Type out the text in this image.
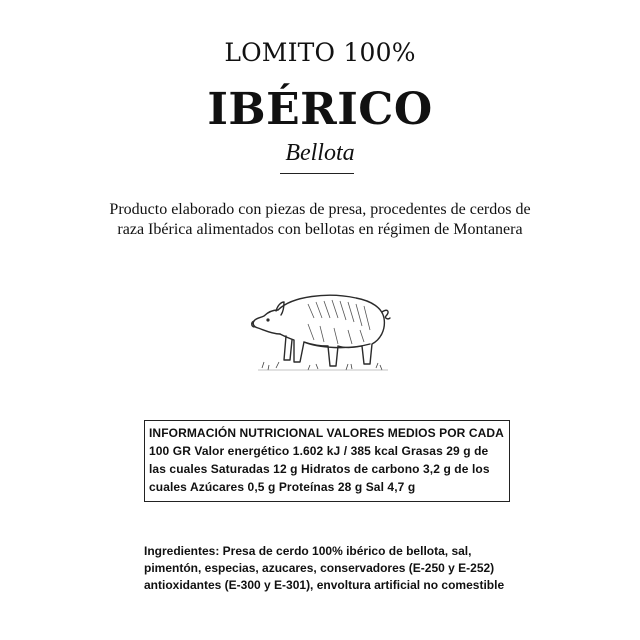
LOMITO 100%
IBÉRICO
Bellota
Producto elaborado con piezas de presa, procedentes de cerdos de raza Ibérica alimentados con bellotas en régimen de Montanera
INFORMACIÓN NUTRICIONAL VALORES MEDIOS POR CADA 100 GR Valor energético 1.602 kJ / 385 kcal Grasas 29 g de las cuales Saturadas 12 g Hidratos de carbono 3,2 g de los cuales Azúcares 0,5 g Proteínas 28 g Sal 4,7 g
Ingredientes: Presa de cerdo 100% ibérico de bellota, sal, pimentón, especias, azucares, conservadores (E-250 y E-252) antioxidantes (E-300 y E-301), envoltura artificial no comestible
